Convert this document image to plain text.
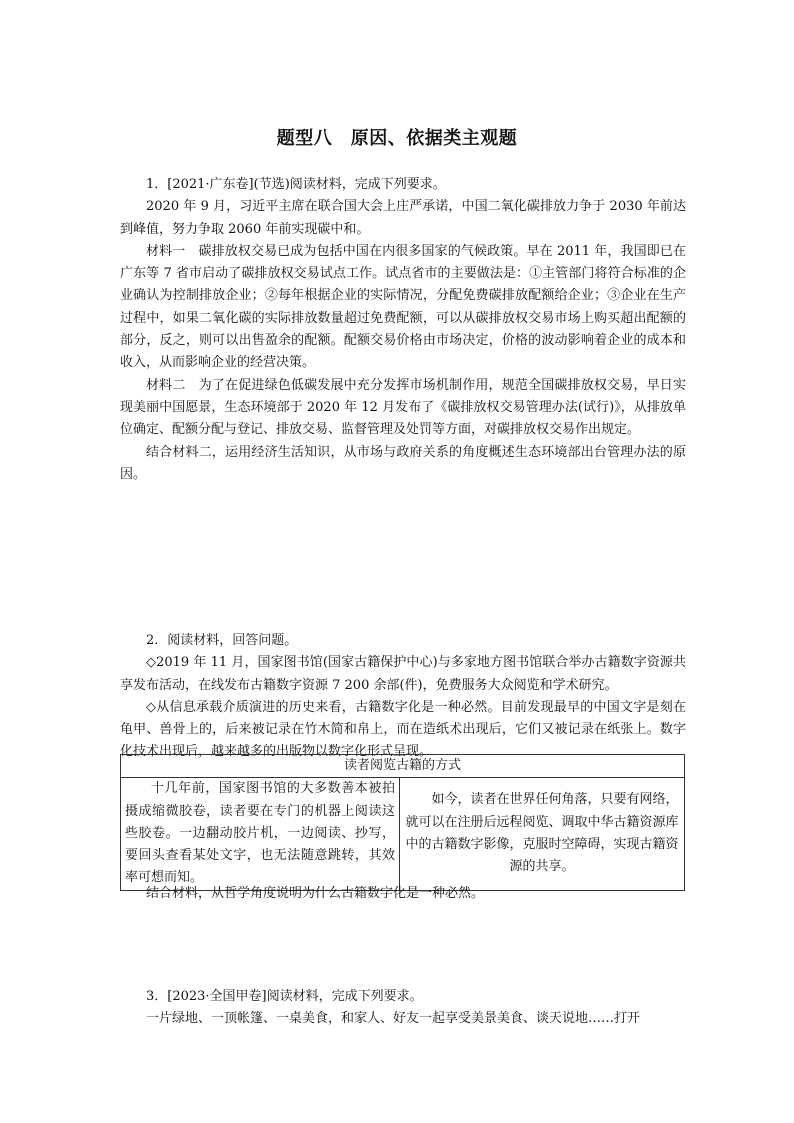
题型八　原因、依据类主观题

1．[2021·广东卷](节选)阅读材料，完成下列要求。

2020 年 9 月，习近平主席在联合国大会上庄严承诺，中国二氧化碳排放力争于 2030 年前达到峰值，努力争取 2060 年前实现碳中和。

材料一　碳排放权交易已成为包括中国在内很多国家的气候政策。早在 2011 年，我国即已在广东等 7 省市启动了碳排放权交易试点工作。试点省市的主要做法是：①主管部门将符合标准的企业确认为控制排放企业；②每年根据企业的实际情况，分配免费碳排放配额给企业；③企业在生产过程中，如果二氧化碳的实际排放数量超过免费配额，可以从碳排放权交易市场上购买超出配额的部分，反之，则可以出售盈余的配额。配额交易价格由市场决定，价格的波动影响着企业的成本和收入，从而影响企业的经营决策。

材料二　为了在促进绿色低碳发展中充分发挥市场机制作用，规范全国碳排放权交易，早日实现美丽中国愿景，生态环境部于 2020 年 12 月发布了《碳排放权交易管理办法(试行)》，从排放单位确定、配额分配与登记、排放交易、监督管理及处罚等方面，对碳排放权交易作出规定。

结合材料二，运用经济生活知识，从市场与政府关系的角度概述生态环境部出台管理办法的原因。

2．阅读材料，回答问题。

◇2019 年 11 月，国家图书馆(国家古籍保护中心)与多家地方图书馆联合举办古籍数字资源共享发布活动，在线发布古籍数字资源 7 200 余部(件)，免费服务大众阅览和学术研究。

◇从信息承载介质演进的历史来看，古籍数字化是一种必然。目前发现最早的中国文字是刻在龟甲、兽骨上的，后来被记录在竹木简和帛上，而在造纸术出现后，它们又被记录在纸张上。数字化技术出现后，越来越多的出版物以数字化形式呈现。

读者阅览古籍的方式
十几年前，国家图书馆的大多数善本被拍摄成缩微胶卷，读者要在专门的机器上阅读这些胶卷。一边翻动胶片机，一边阅读、抄写，要回头查看某处文字，也无法随意跳转，其效率可想而知。	如今，读者在世界任何角落，只要有网络，就可以在注册后远程阅览、调取中华古籍资源库中的古籍数字影像，克服时空障碍，实现古籍资源的共享。

结合材料，从哲学角度说明为什么古籍数字化是一种必然。

3．[2023·全国甲卷]阅读材料，完成下列要求。

一片绿地、一顶帐篷、一桌美食，和家人、好友一起享受美景美食、谈天说地……打开
